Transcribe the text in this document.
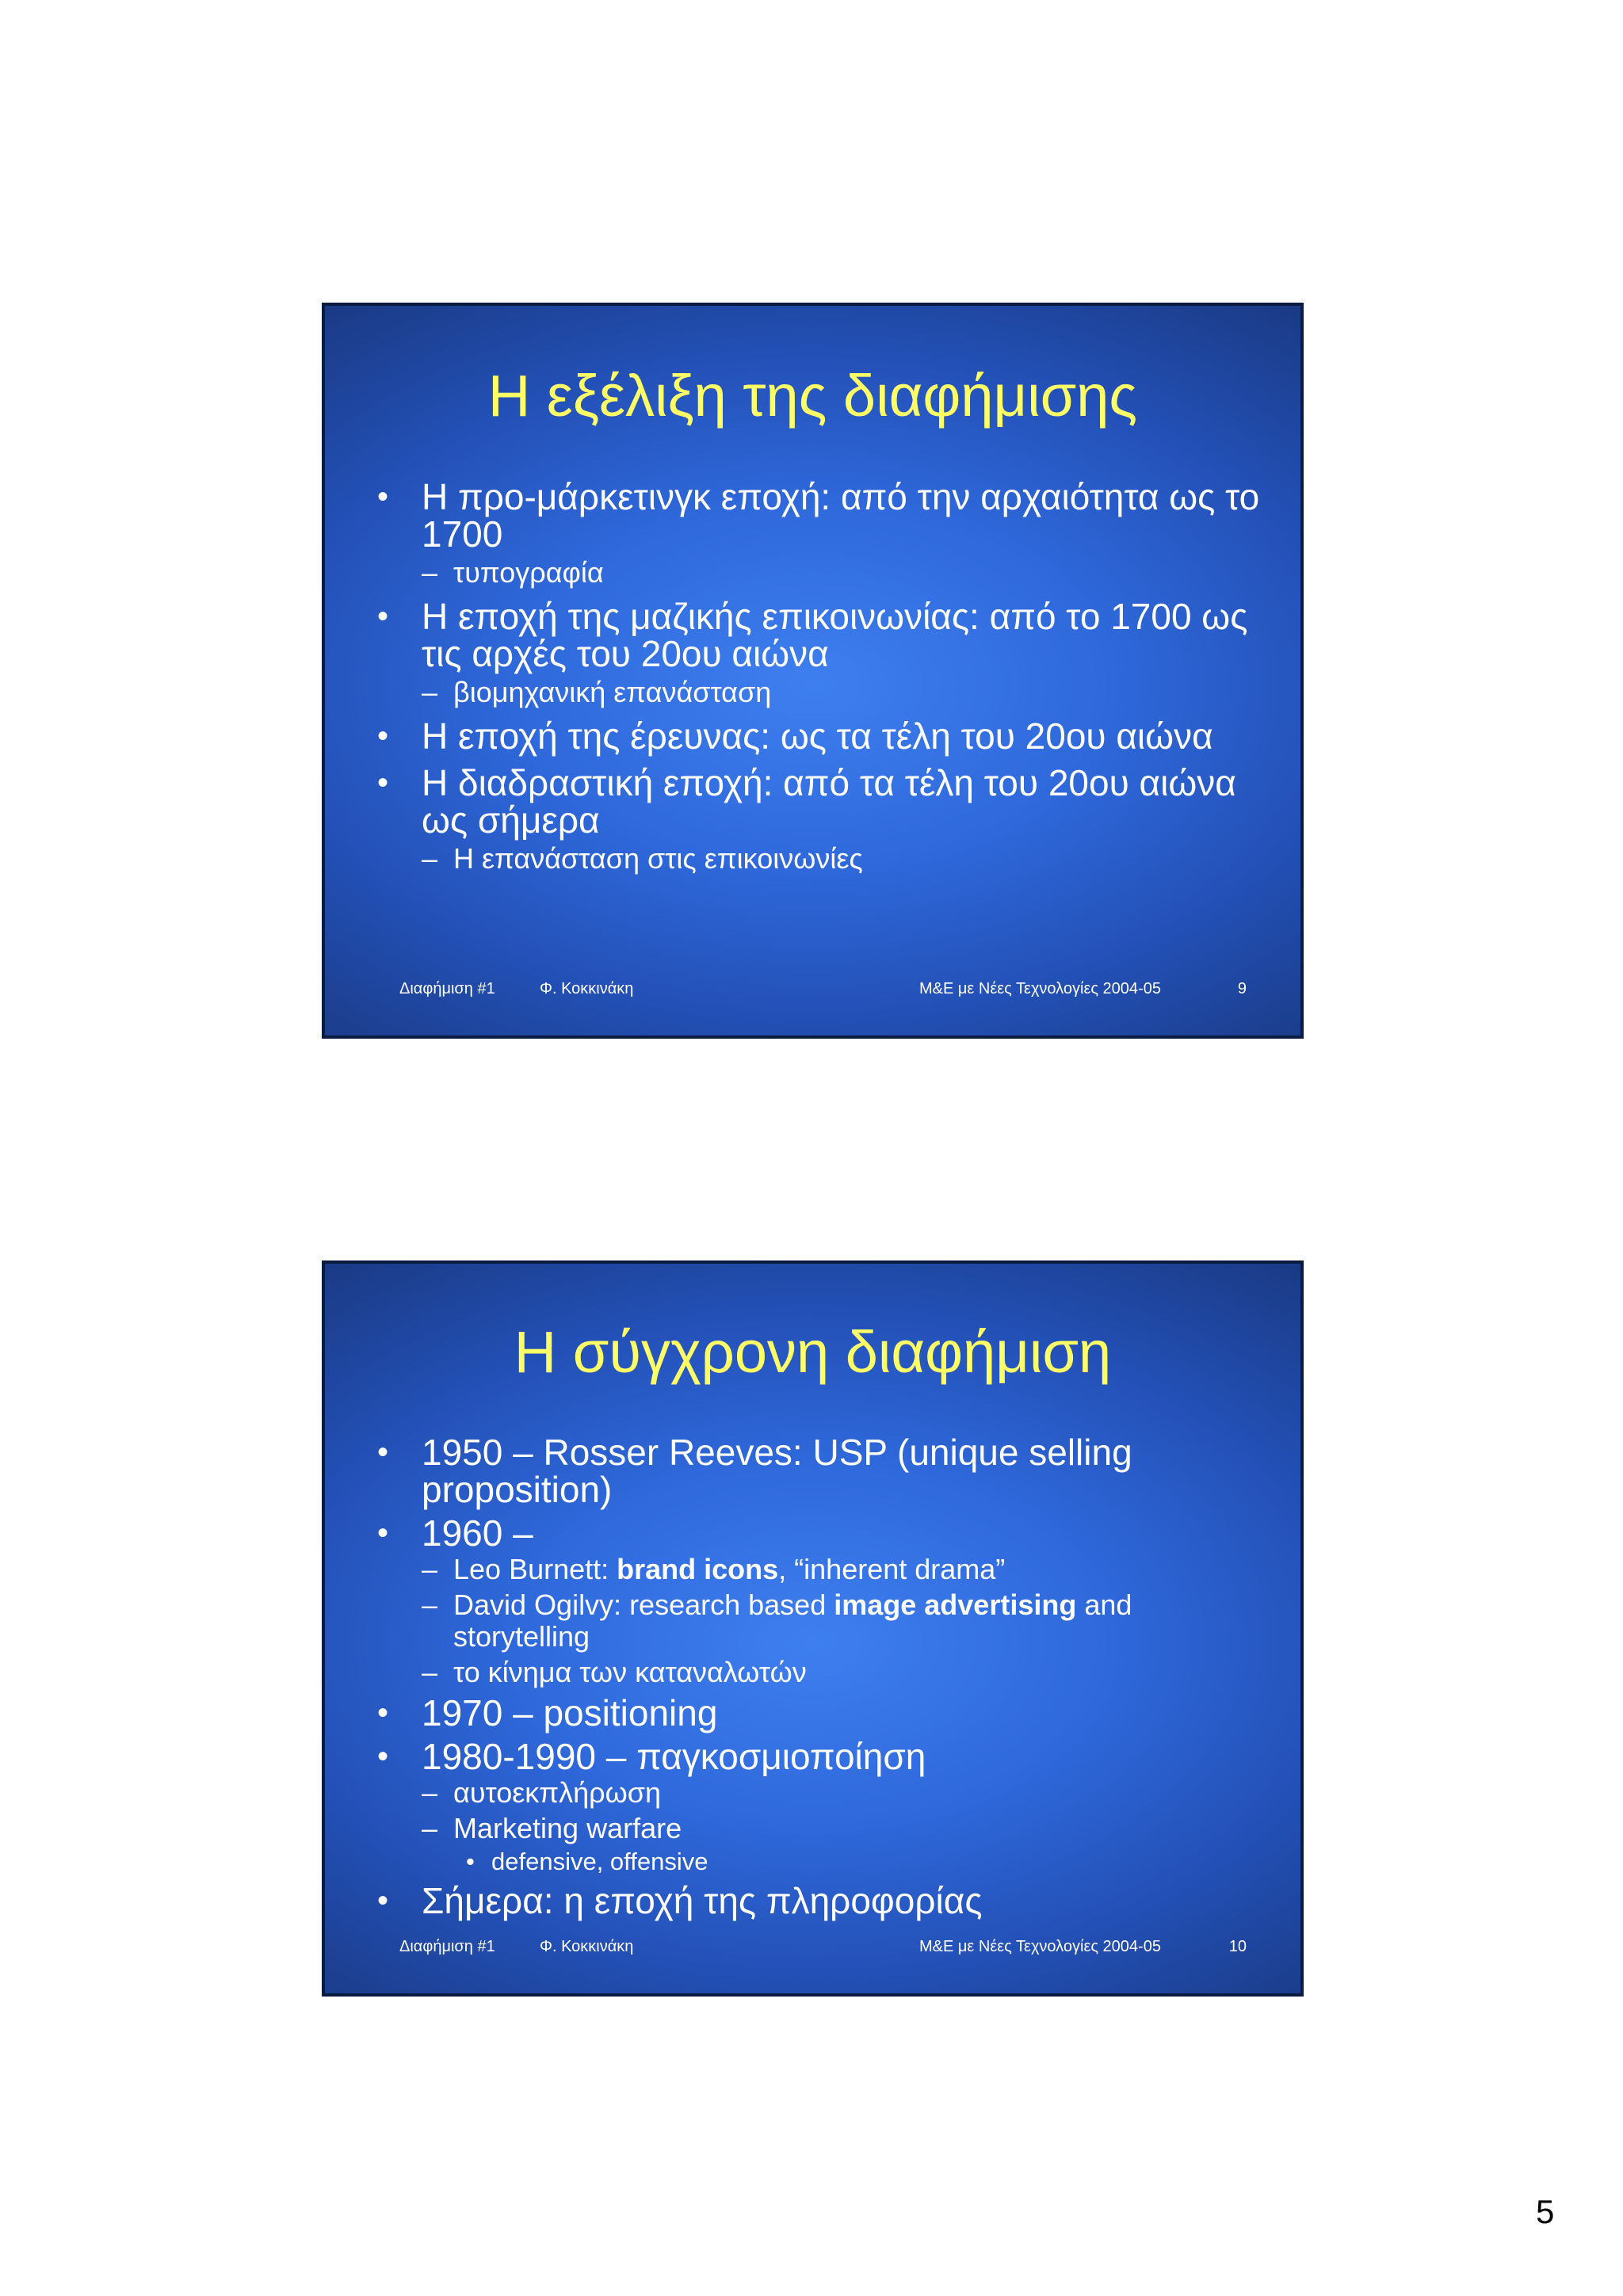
Η εξέλιξη της διαφήμισης
• Η προ-μάρκετινγκ εποχή: από την αρχαιότητα ως το 1700
– τυπογραφία
• Η εποχή της μαζικής επικοινωνίας: από το 1700 ως τις αρχές του 20ου αιώνα
– βιομηχανική επανάσταση
• Η εποχή της έρευνας: ως τα τέλη του 20ου αιώνα
• Η διαδραστική εποχή: από τα τέλη του 20ου αιώνα ως σήμερα
– Η επανάσταση στις επικοινωνίες
Διαφήμιση #1	Φ. Κοκκινάκη	Μ&Ε με Νέες Τεχνολογίες 2004-05	9
Η σύγχρονη διαφήμιση
• 1950 – Rosser Reeves: USP (unique selling proposition)
• 1960 –
– Leo Burnett: brand icons, “inherent drama”
– David Ogilvy: research based image advertising and storytelling
– το κίνημα των καταναλωτών
• 1970 – positioning
• 1980-1990 – παγκοσμιοποίηση
– αυτοεκπλήρωση
– Marketing warfare
• defensive, offensive
• Σήμερα: η εποχή της πληροφορίας
Διαφήμιση #1	Φ. Κοκκινάκη	Μ&Ε με Νέες Τεχνολογίες 2004-05	10
5
